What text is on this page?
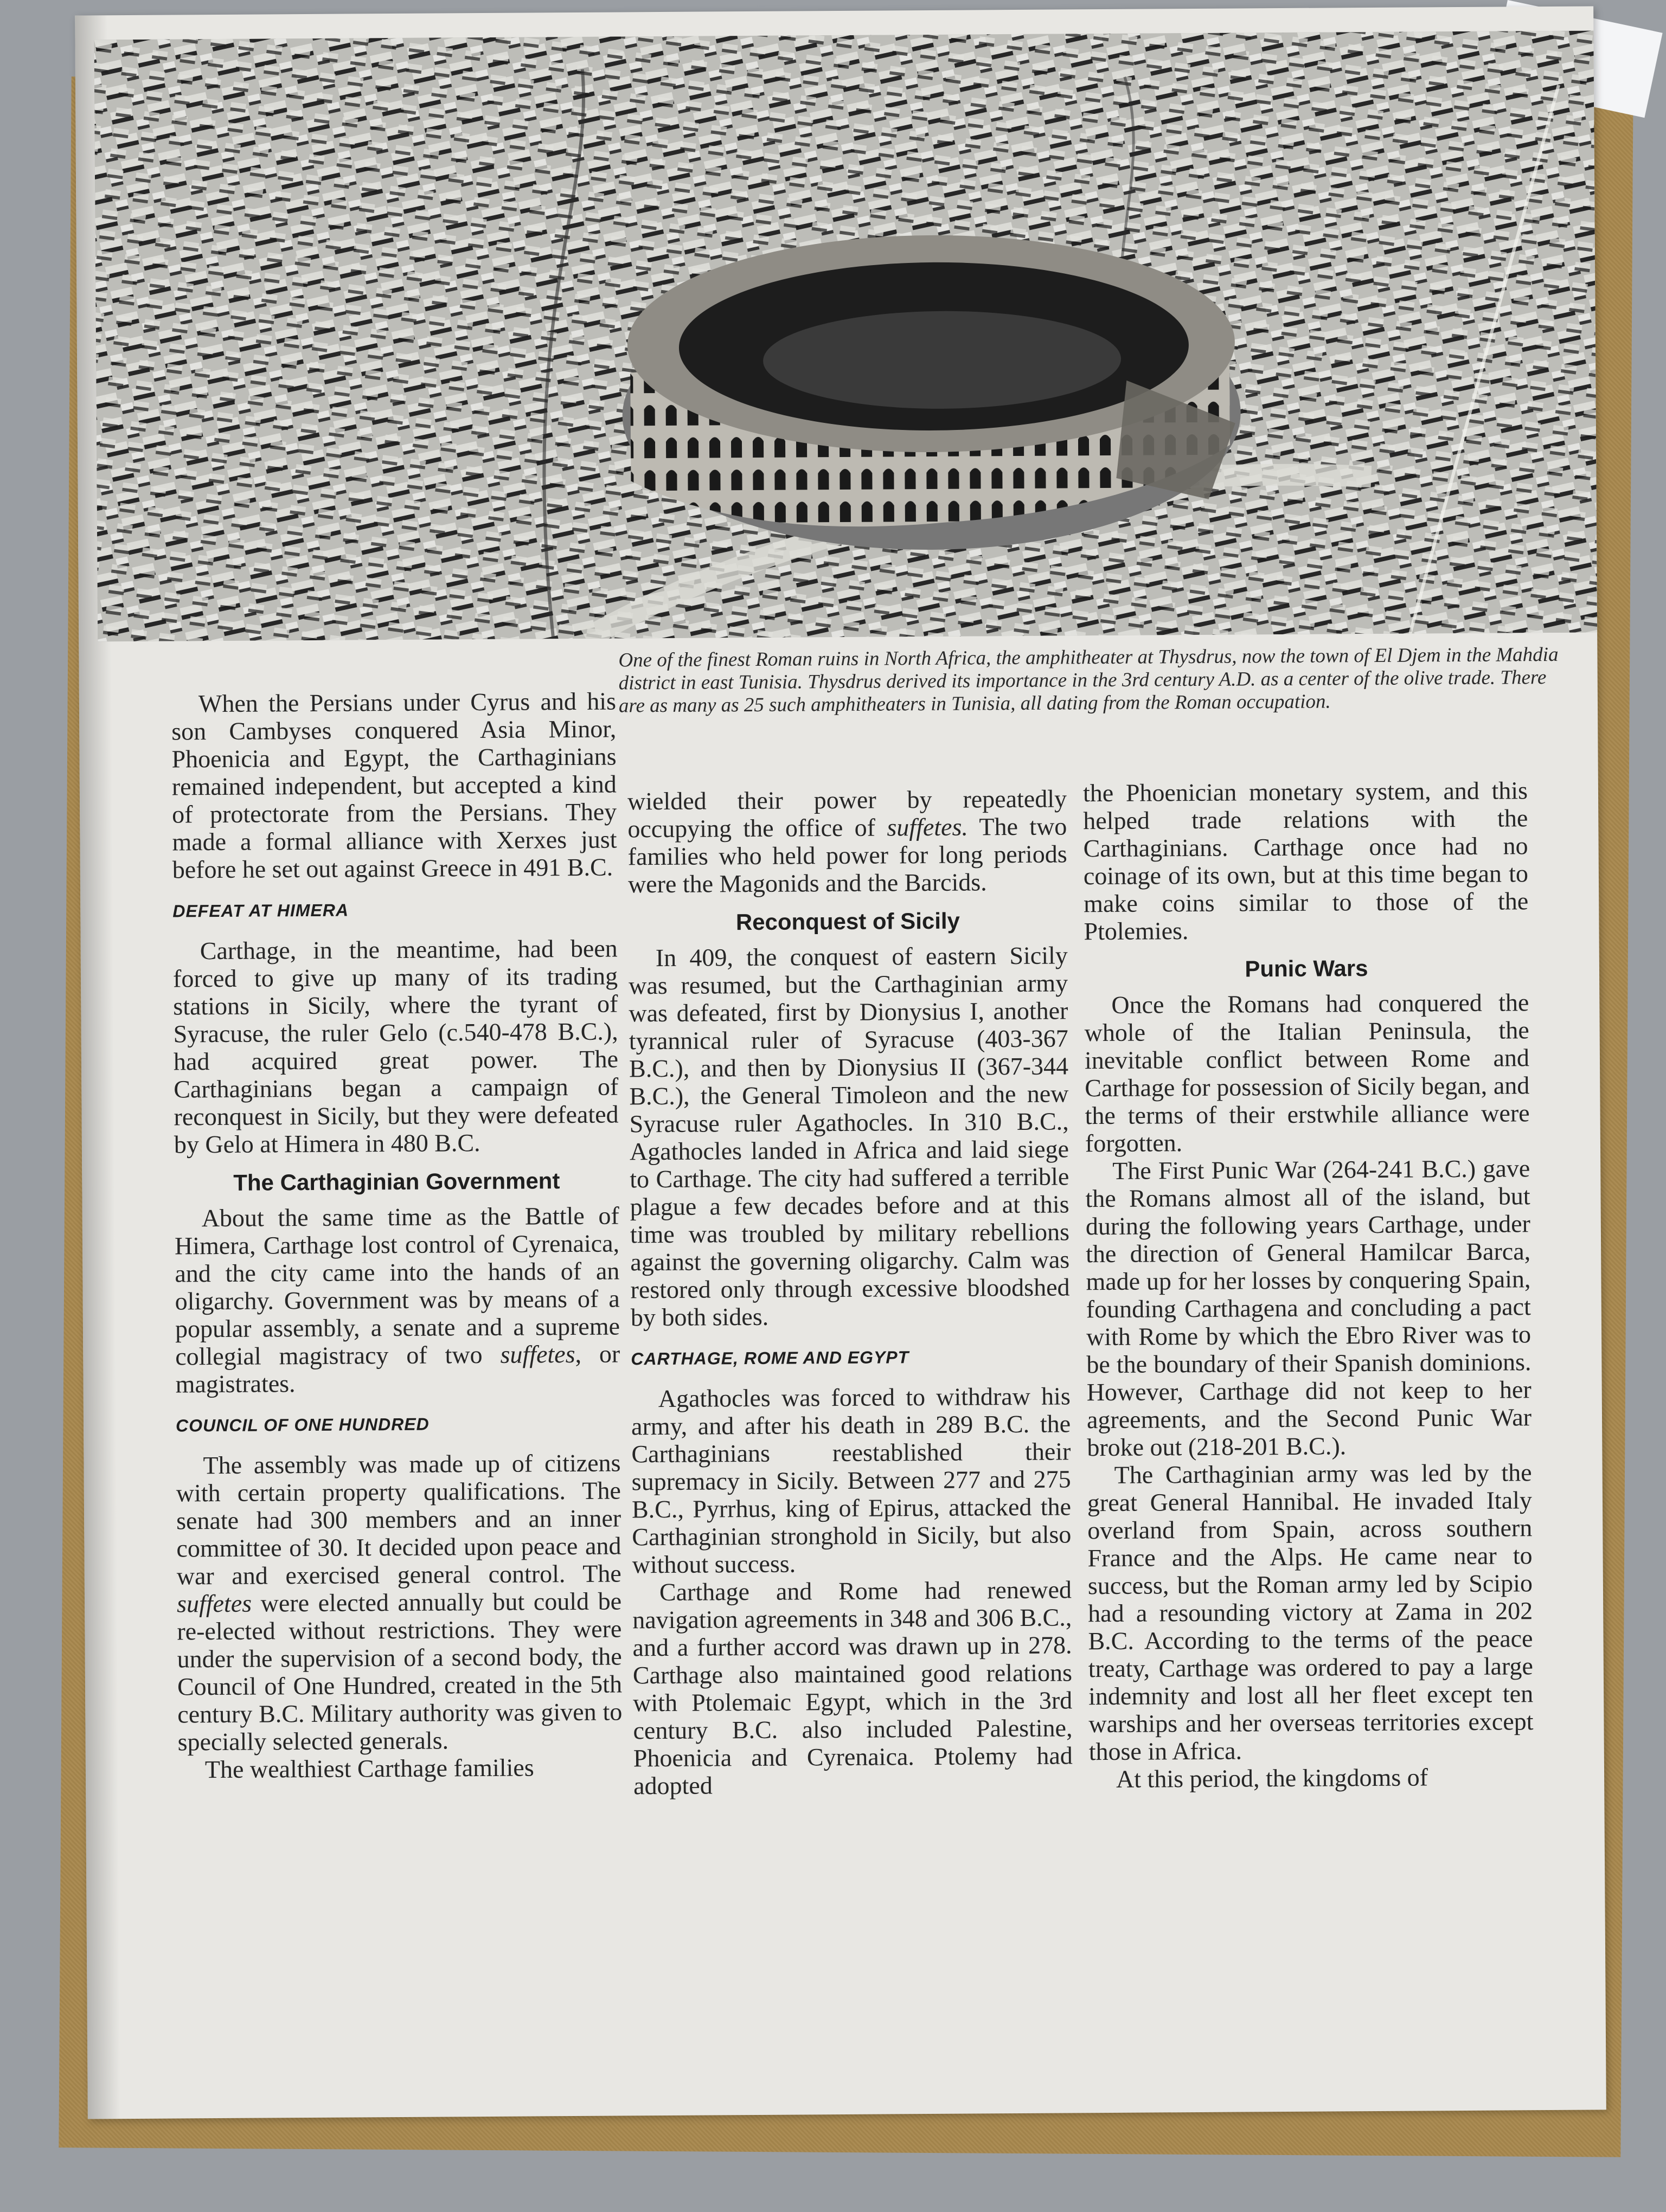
One of the finest Roman ruins in North Africa, the amphitheater at Thysdrus, now the town of El Djem in the Mahdia district in east Tunisia. Thysdrus derived its importance in the 3rd century A.D. as a center of the olive trade. There are as many as 25 such amphitheaters in Tunisia, all dating from the Roman occupation.

When the Persians under Cyrus and his son Cambyses conquered Asia Minor, Phoenicia and Egypt, the Carthaginians remained independent, but accepted a kind of protectorate from the Persians. They made a formal alliance with Xerxes just before he set out against Greece in 491 B.C.

DEFEAT AT HIMERA

Carthage, in the meantime, had been forced to give up many of its trading stations in Sicily, where the tyrant of Syracuse, the ruler Gelo (c.540-478 B.C.), had acquired great power. The Carthaginians began a campaign of reconquest in Sicily, but they were defeated by Gelo at Himera in 480 B.C.

The Carthaginian Government

About the same time as the Battle of Himera, Carthage lost control of Cyrenaica, and the city came into the hands of an oligarchy. Government was by means of a popular assembly, a senate and a supreme collegial magistracy of two suffetes, or magistrates.

COUNCIL OF ONE HUNDRED

The assembly was made up of citizens with certain property qualifications. The senate had 300 members and an inner committee of 30. It decided upon peace and war and exercised general control. The suffetes were elected annually but could be re-elected without restrictions. They were under the supervision of a second body, the Council of One Hundred, created in the 5th century B.C. Military authority was given to specially selected generals.

The wealthiest Carthage families

wielded their power by repeatedly occupying the office of suffetes. The two families who held power for long periods were the Magonids and the Barcids.

Reconquest of Sicily

In 409, the conquest of eastern Sicily was resumed, but the Carthaginian army was defeated, first by Dionysius I, another tyrannical ruler of Syracuse (403-367 B.C.), and then by Dionysius II (367-344 B.C.), the General Timoleon and the new Syracuse ruler Agathocles. In 310 B.C., Agathocles landed in Africa and laid siege to Carthage. The city had suffered a terrible plague a few decades before and at this time was troubled by military rebellions against the governing oligarchy. Calm was restored only through excessive bloodshed by both sides.

CARTHAGE, ROME AND EGYPT

Agathocles was forced to withdraw his army, and after his death in 289 B.C. the Carthaginians reestablished their supremacy in Sicily. Between 277 and 275 B.C., Pyrrhus, king of Epirus, attacked the Carthaginian stronghold in Sicily, but also without success.

Carthage and Rome had renewed navigation agreements in 348 and 306 B.C., and a further accord was drawn up in 278. Carthage also maintained good relations with Ptolemaic Egypt, which in the 3rd century B.C. also included Palestine, Phoenicia and Cyrenaica. Ptolemy had adopted

the Phoenician monetary system, and this helped trade relations with the Carthaginians. Carthage once had no coinage of its own, but at this time began to make coins similar to those of the Ptolemies.

Punic Wars

Once the Romans had conquered the whole of the Italian Peninsula, the inevitable conflict between Rome and Carthage for possession of Sicily began, and the terms of their erstwhile alliance were forgotten.

The First Punic War (264-241 B.C.) gave the Romans almost all of the island, but during the following years Carthage, under the direction of General Hamilcar Barca, made up for her losses by conquering Spain, founding Carthagena and concluding a pact with Rome by which the Ebro River was to be the boundary of their Spanish dominions. However, Carthage did not keep to her agreements, and the Second Punic War broke out (218-201 B.C.).

The Carthaginian army was led by the great General Hannibal. He invaded Italy overland from Spain, across southern France and the Alps. He came near to success, but the Roman army led by Scipio had a resounding victory at Zama in 202 B.C. According to the terms of the peace treaty, Carthage was ordered to pay a large indemnity and lost all her fleet except ten warships and her overseas territories except those in Africa.

At this period, the kingdoms of
